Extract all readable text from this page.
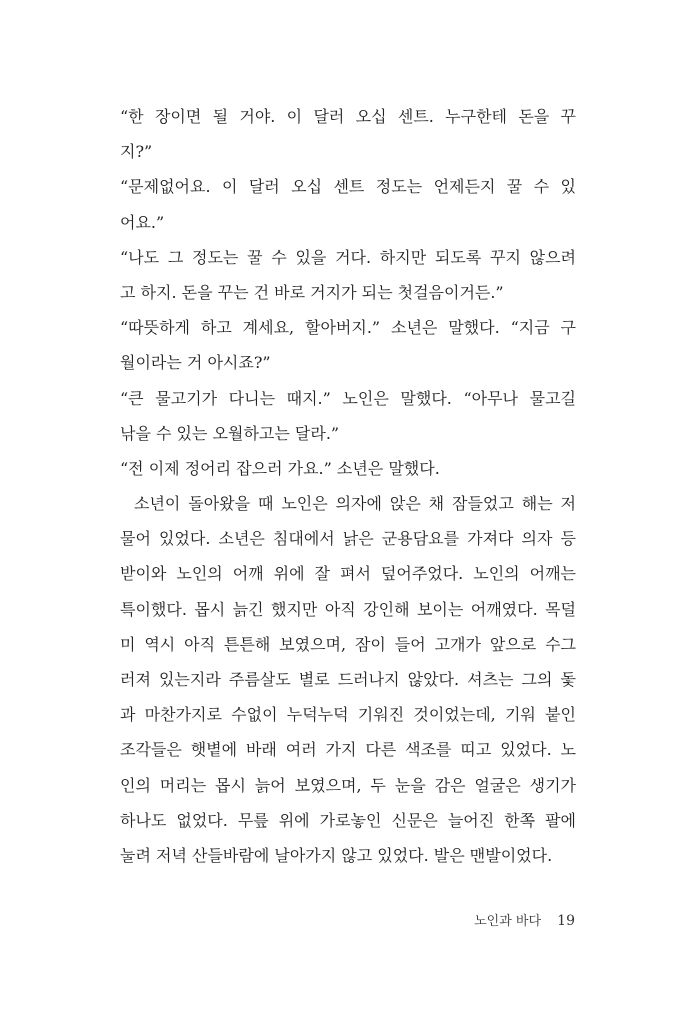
“한 장이면 될 거야. 이 달러 오십 센트. 누구한테 돈을 꾸
지?”
“문제없어요. 이 달러 오십 센트 정도는 언제든지 꿀 수 있
어요.”
“나도 그 정도는 꿀 수 있을 거다. 하지만 되도록 꾸지 않으려
고 하지. 돈을 꾸는 건 바로 거지가 되는 첫걸음이거든.”
“따뜻하게 하고 계세요, 할아버지.” 소년은 말했다. “지금 구
월이라는 거 아시죠?”
“큰 물고기가 다니는 때지.” 노인은 말했다. “아무나 물고길
낚을 수 있는 오월하고는 달라.”
“전 이제 정어리 잡으러 가요.” 소년은 말했다.
소년이 돌아왔을 때 노인은 의자에 앉은 채 잠들었고 해는 저
물어 있었다. 소년은 침대에서 낡은 군용담요를 가져다 의자 등
받이와 노인의 어깨 위에 잘 펴서 덮어주었다. 노인의 어깨는
특이했다. 몹시 늙긴 했지만 아직 강인해 보이는 어깨였다. 목덜
미 역시 아직 튼튼해 보였으며, 잠이 들어 고개가 앞으로 수그
러져 있는지라 주름살도 별로 드러나지 않았다. 셔츠는 그의 돛
과 마찬가지로 수없이 누덕누덕 기워진 것이었는데, 기워 붙인
조각들은 햇볕에 바래 여러 가지 다른 색조를 띠고 있었다. 노
인의 머리는 몹시 늙어 보였으며, 두 눈을 감은 얼굴은 생기가
하나도 없었다. 무릎 위에 가로놓인 신문은 늘어진 한쪽 팔에
눌려 저녁 산들바람에 날아가지 않고 있었다. 발은 맨발이었다.
노인과 바다 19
